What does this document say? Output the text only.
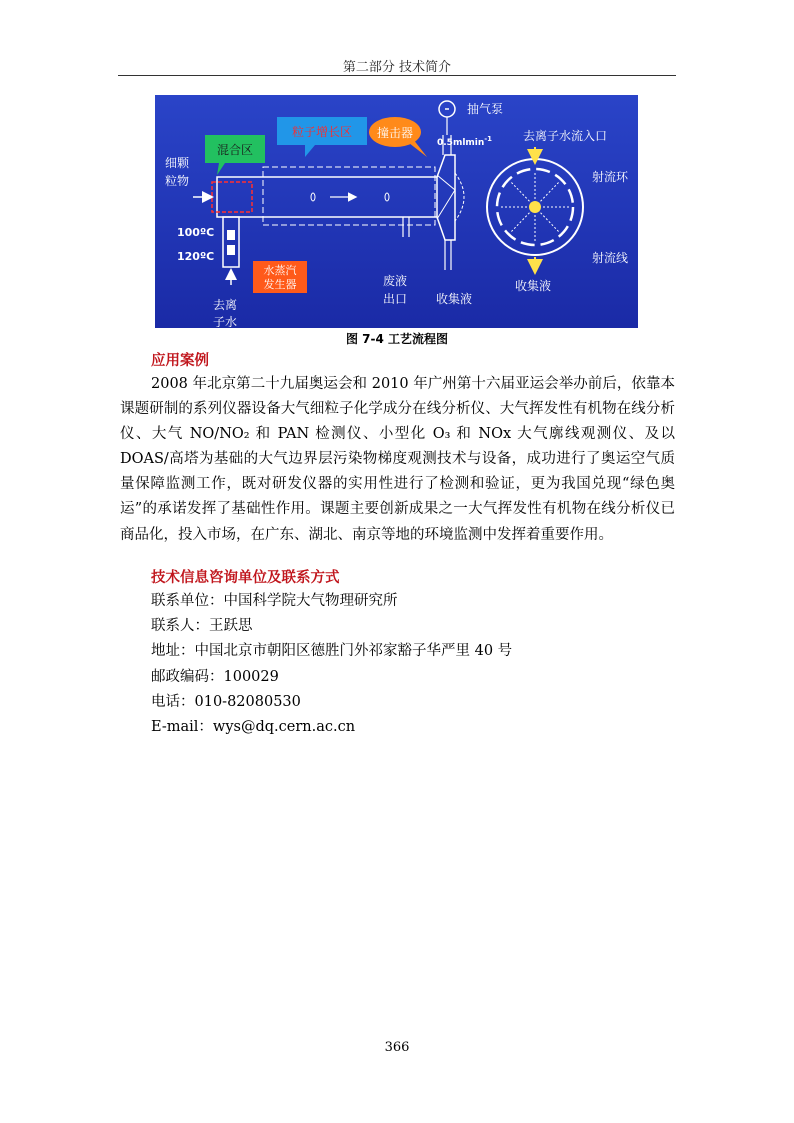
第二部分 技术简介
混合区
粒子增长区 撞击器
水蒸汽
发生器
细颗
粒物
100ºC
120ºC
去离
子水
抽气泵
0.5mlmin$^{-1}$	去离子水流入口
射流环
射流线
废液
出口 收集液
收集液
图 7-4 工艺流程图
应用案例

2008 年北京第二十九届奥运会和 2010 年广州第十六届亚运会举办前后，依靠本课题研制的系列仪器设备大气细粒子化学成分在线分析仪、大气挥发性有机物在线分析仪、大气 NO/NO₂ 和 PAN 检测仪、小型化 O₃ 和 NOx 大气廓线观测仪、及以 DOAS/高塔为基础的大气边界层污染物梯度观测技术与设备，成功进行了奥运空气质量保障监测工作，既对研发仪器的实用性进行了检测和验证，更为我国兑现“绿色奥运”的承诺发挥了基础性作用。课题主要创新成果之一大气挥发性有机物在线分析仪已商品化，投入市场，在广东、湖北、南京等地的环境监测中发挥着重要作用。

技术信息咨询单位及联系方式
联系单位：中国科学院大气物理研究所
联系人：王跃思
地址：中国北京市朝阳区德胜门外祁家豁子华严里 40 号
邮政编码：100029
电话：010-82080530
E-mail：wys@dq.cern.ac.cn
366
